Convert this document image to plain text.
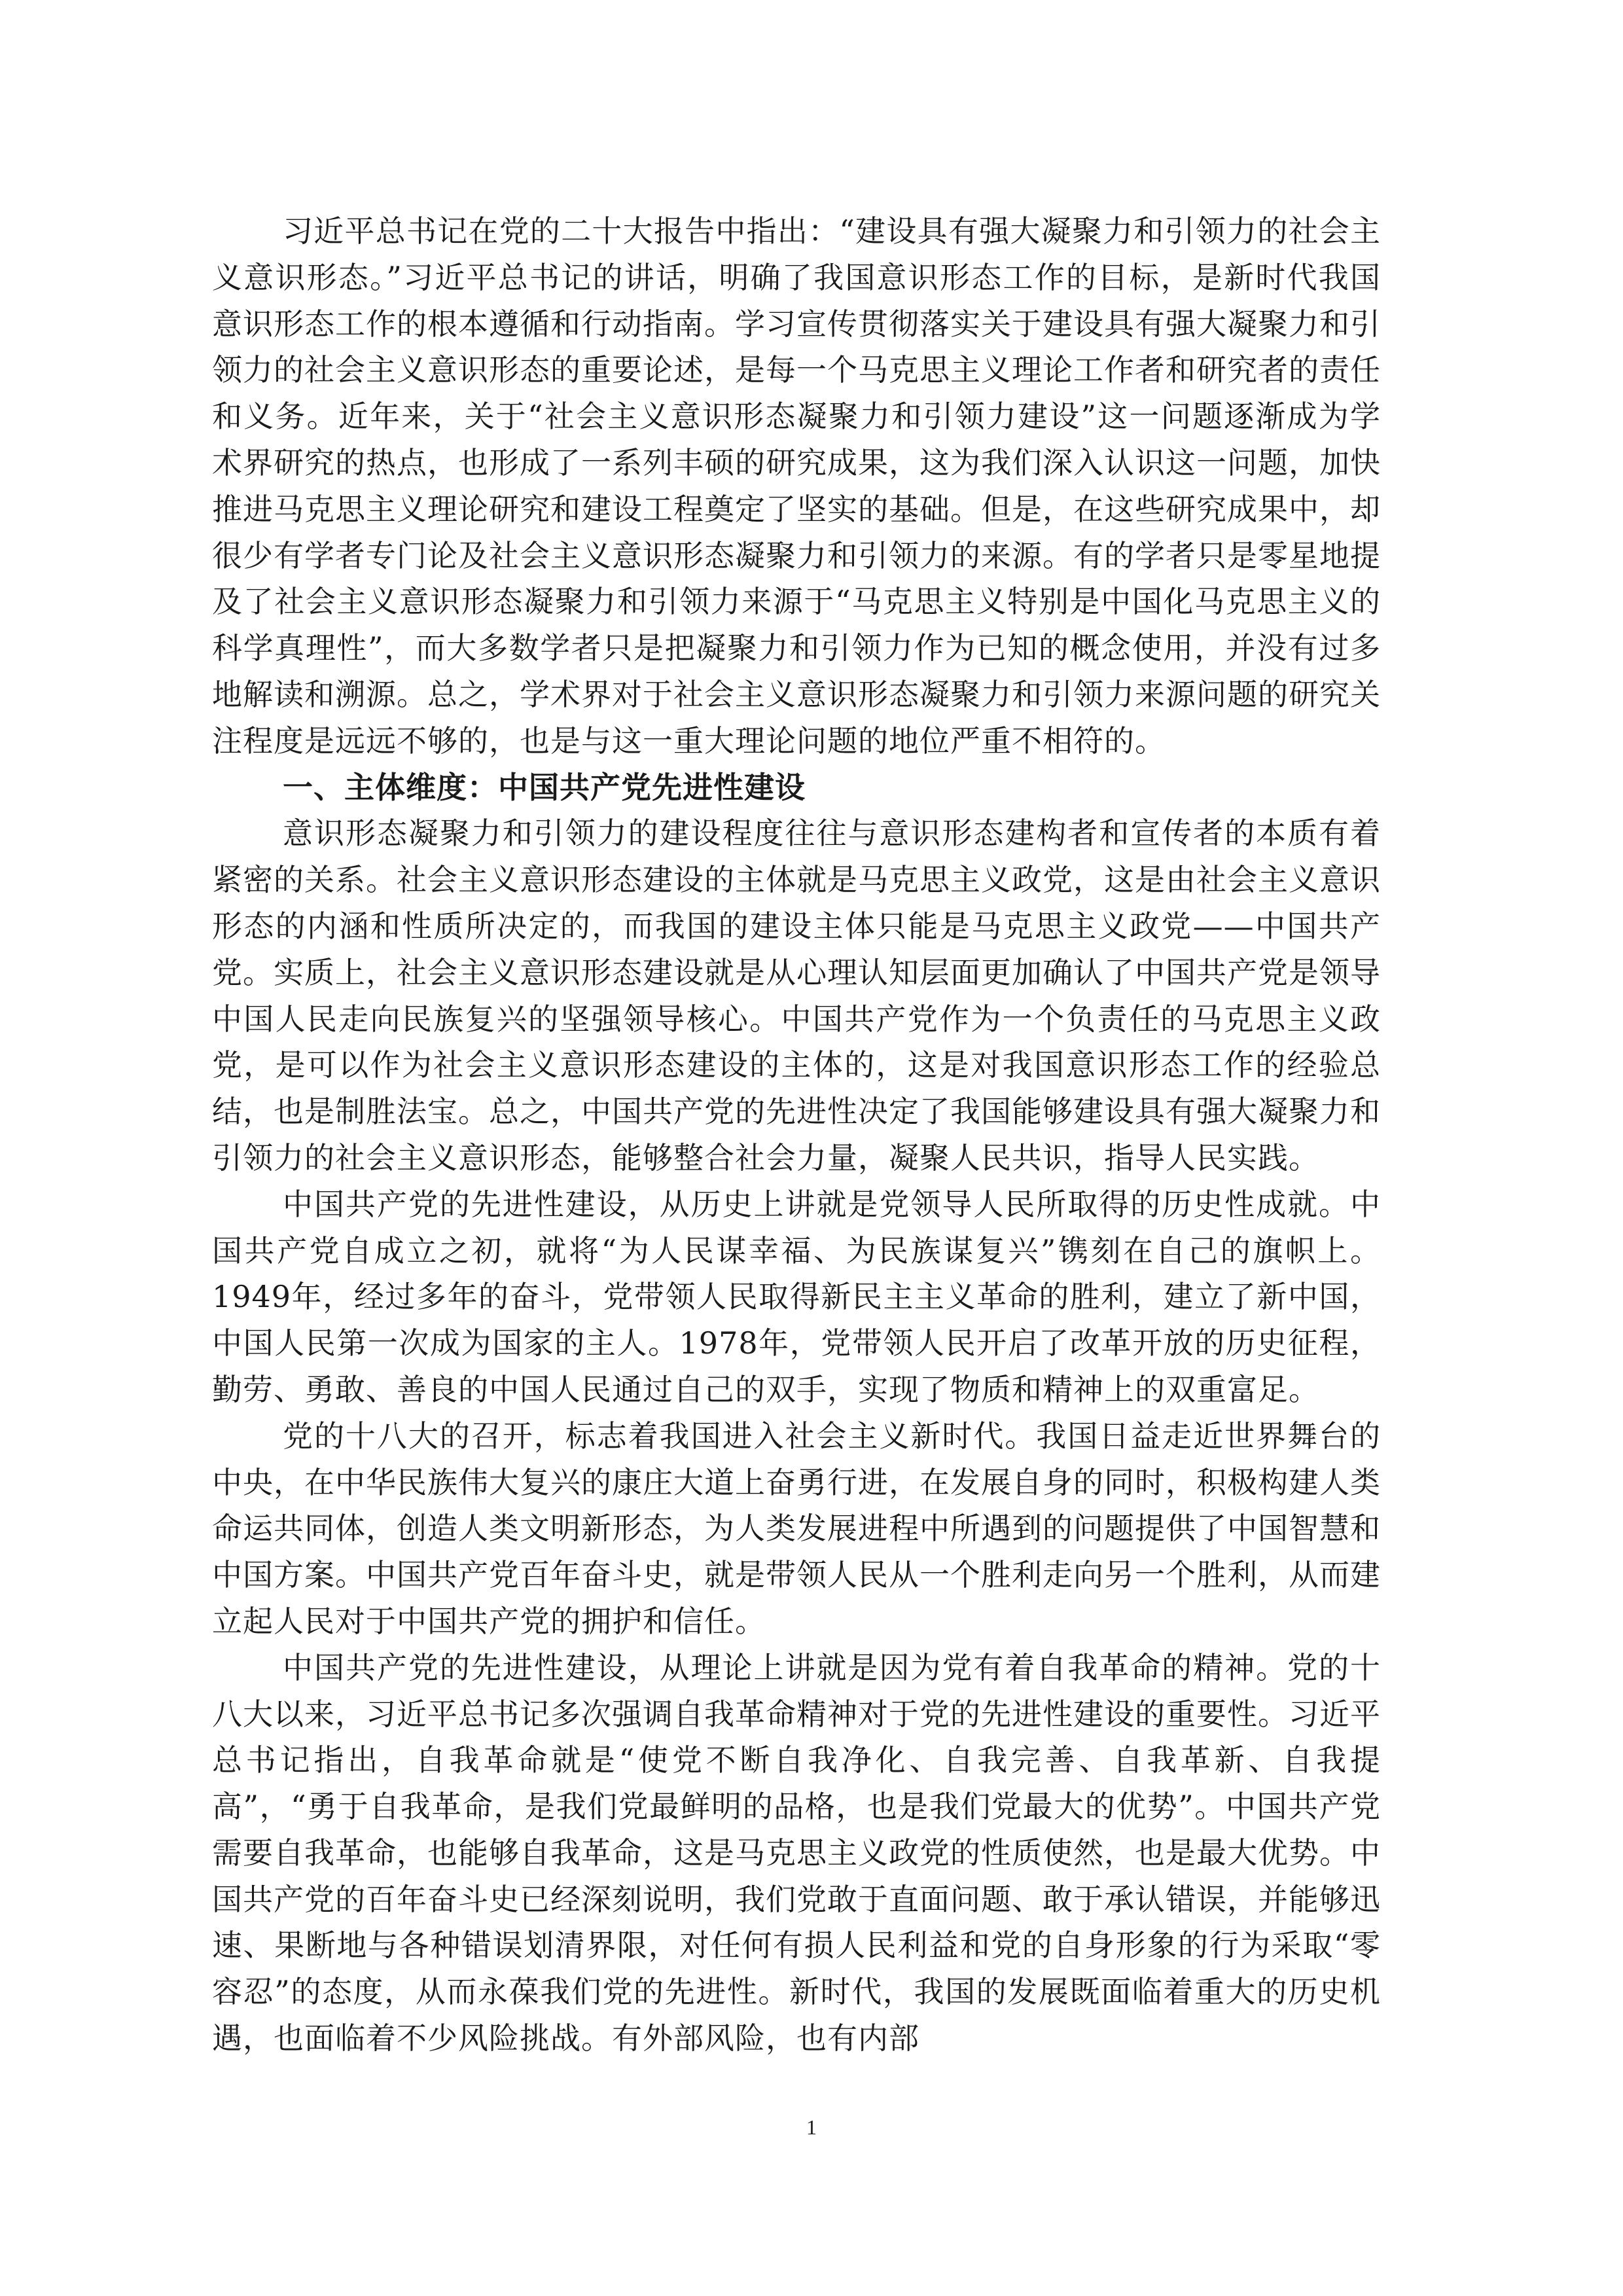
习近平总书记在党的二十大报告中指出：“建设具有强大凝聚力和引领力的社会主义意识形态。”习近平总书记的讲话，明确了我国意识形态工作的目标，是新时代我国意识形态工作的根本遵循和行动指南。学习宣传贯彻落实关于建设具有强大凝聚力和引领力的社会主义意识形态的重要论述，是每一个马克思主义理论工作者和研究者的责任和义务。近年来，关于“社会主义意识形态凝聚力和引领力建设”这一问题逐渐成为学术界研究的热点，也形成了一系列丰硕的研究成果，这为我们深入认识这一问题，加快推进马克思主义理论研究和建设工程奠定了坚实的基础。但是，在这些研究成果中，却很少有学者专门论及社会主义意识形态凝聚力和引领力的来源。有的学者只是零星地提及了社会主义意识形态凝聚力和引领力来源于“马克思主义特别是中国化马克思主义的科学真理性”，而大多数学者只是把凝聚力和引领力作为已知的概念使用，并没有过多地解读和溯源。总之，学术界对于社会主义意识形态凝聚力和引领力来源问题的研究关注程度是远远不够的，也是与这一重大理论问题的地位严重不相符的。

一、主体维度：中国共产党先进性建设

意识形态凝聚力和引领力的建设程度往往与意识形态建构者和宣传者的本质有着紧密的关系。社会主义意识形态建设的主体就是马克思主义政党，这是由社会主义意识形态的内涵和性质所决定的，而我国的建设主体只能是马克思主义政党——中国共产党。实质上，社会主义意识形态建设就是从心理认知层面更加确认了中国共产党是领导中国人民走向民族复兴的坚强领导核心。中国共产党作为一个负责任的马克思主义政党，是可以作为社会主义意识形态建设的主体的，这是对我国意识形态工作的经验总结，也是制胜法宝。总之，中国共产党的先进性决定了我国能够建设具有强大凝聚力和引领力的社会主义意识形态，能够整合社会力量，凝聚人民共识，指导人民实践。

中国共产党的先进性建设，从历史上讲就是党领导人民所取得的历史性成就。中国共产党自成立之初，就将“为人民谋幸福、为民族谋复兴”镌刻在自己的旗帜上。1949年，经过多年的奋斗，党带领人民取得新民主主义革命的胜利，建立了新中国，中国人民第一次成为国家的主人。1978年，党带领人民开启了改革开放的历史征程，勤劳、勇敢、善良的中国人民通过自己的双手，实现了物质和精神上的双重富足。

党的十八大的召开，标志着我国进入社会主义新时代。我国日益走近世界舞台的中央，在中华民族伟大复兴的康庄大道上奋勇行进，在发展自身的同时，积极构建人类命运共同体，创造人类文明新形态，为人类发展进程中所遇到的问题提供了中国智慧和中国方案。中国共产党百年奋斗史，就是带领人民从一个胜利走向另一个胜利，从而建立起人民对于中国共产党的拥护和信任。

中国共产党的先进性建设，从理论上讲就是因为党有着自我革命的精神。党的十八大以来，习近平总书记多次强调自我革命精神对于党的先进性建设的重要性。习近平总书记指出，自我革命就是“使党不断自我净化、自我完善、自我革新、自我提高”，“勇于自我革命，是我们党最鲜明的品格，也是我们党最大的优势”。中国共产党需要自我革命，也能够自我革命，这是马克思主义政党的性质使然，也是最大优势。中国共产党的百年奋斗史已经深刻说明，我们党敢于直面问题、敢于承认错误，并能够迅速、果断地与各种错误划清界限，对任何有损人民利益和党的自身形象的行为采取“零容忍”的态度，从而永葆我们党的先进性。新时代，我国的发展既面临着重大的历史机遇，也面临着不少风险挑战。有外部风险，也有内部

1
